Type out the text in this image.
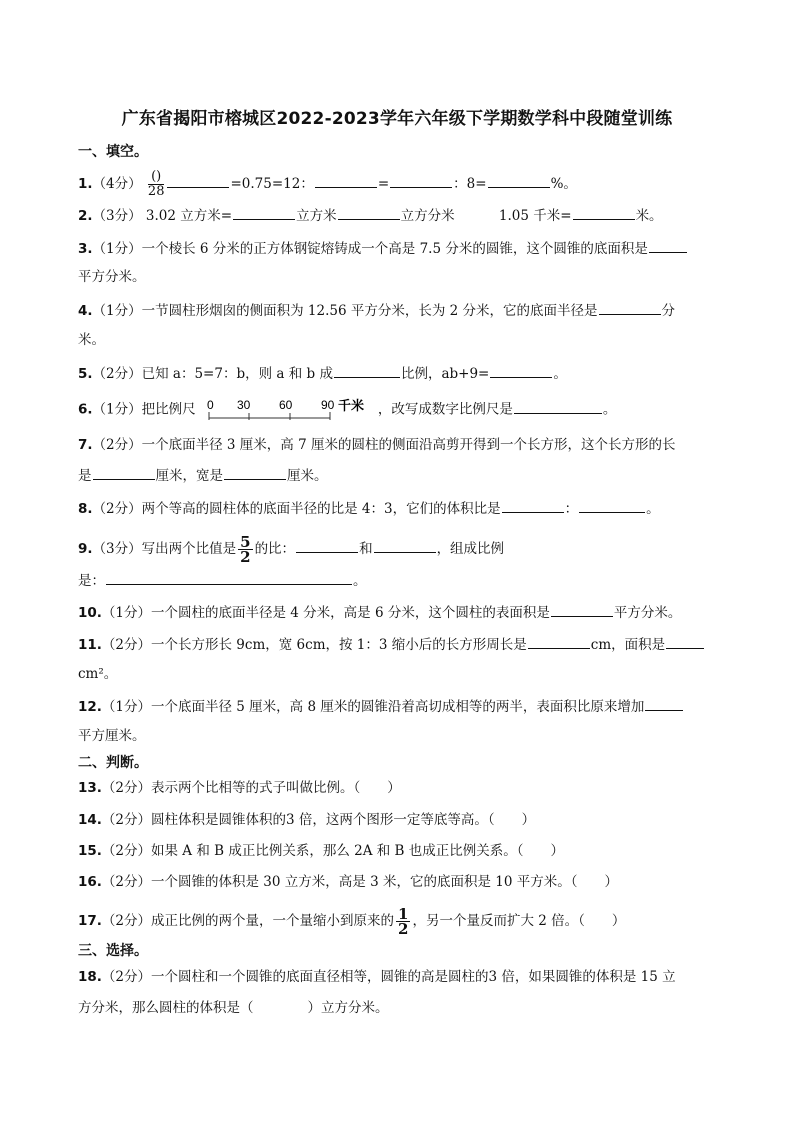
广东省揭阳市榕城区2022-2023学年六年级下学期数学科中段随堂训练
一、填空。
1.（4分） $\frac{()}{28}$	=0.75=12：	=	：8=	%。
2.（3分） 3.02 立方米=	立方米	立方分米	1.05 千米=	米。
3.（1分）一个棱长 6 分米的正方体钢锭熔铸成一个高是 7.5 分米的圆锥，这个圆锥的底面积是
平方分米。
4.（1分）一节圆柱形烟囱的侧面积为 12.56 平方分米，长为 2 分米，它的底面半径是	分
米。
5.（2分）已知 a：5=7：b，则 a 和 b 成	比例，ab+9=	。
6.（1分）把比例尺 0 30 60 90 千米 ，改写成数字比例尺是	。
7.（2分）一个底面半径 3 厘米，高 7 厘米的圆柱的侧面沿高剪开得到一个长方形，这个长方形的长
是	厘米，宽是	厘米。
8.（2分）两个等高的圆柱体的底面半径的比是 4：3，它们的体积比是	：	。
9.（3分）写出两个比值是 $\frac{5}{2}$ 的比：	和	，组成比例
是：	。
10.（1分）一个圆柱的底面半径是 4 分米，高是 6 分米，这个圆柱的表面积是	平方分米。
11.（2分）一个长方形长 9cm，宽 6cm，按 1：3 缩小后的长方形周长是	cm，面积是
cm²。
12.（1分）一个底面半径 5 厘米，高 8 厘米的圆锥沿着高切成相等的两半，表面积比原来增加
平方厘米。
二、判断。
13.（2分）表示两个比相等的式子叫做比例。（　　）
14.（2分）圆柱体积是圆锥体积的3 倍，这两个图形一定等底等高。（　　）
15.（2分）如果 A 和 B 成正比例关系，那么 2A 和 B 也成正比例关系。（　　）
16.（2分）一个圆锥的体积是 30 立方米，高是 3 米，它的底面积是 10 平方米。（　　）
17.（2分）成正比例的两个量，一个量缩小到原来的 $\frac{1}{2}$ ，另一个量反而扩大 2 倍。（　　）
三、选择。
18.（2分）一个圆柱和一个圆锥的底面直径相等，圆锥的高是圆柱的3 倍，如果圆锥的体积是 15 立
方分米，那么圆柱的体积是（　　　　）立方分米。
